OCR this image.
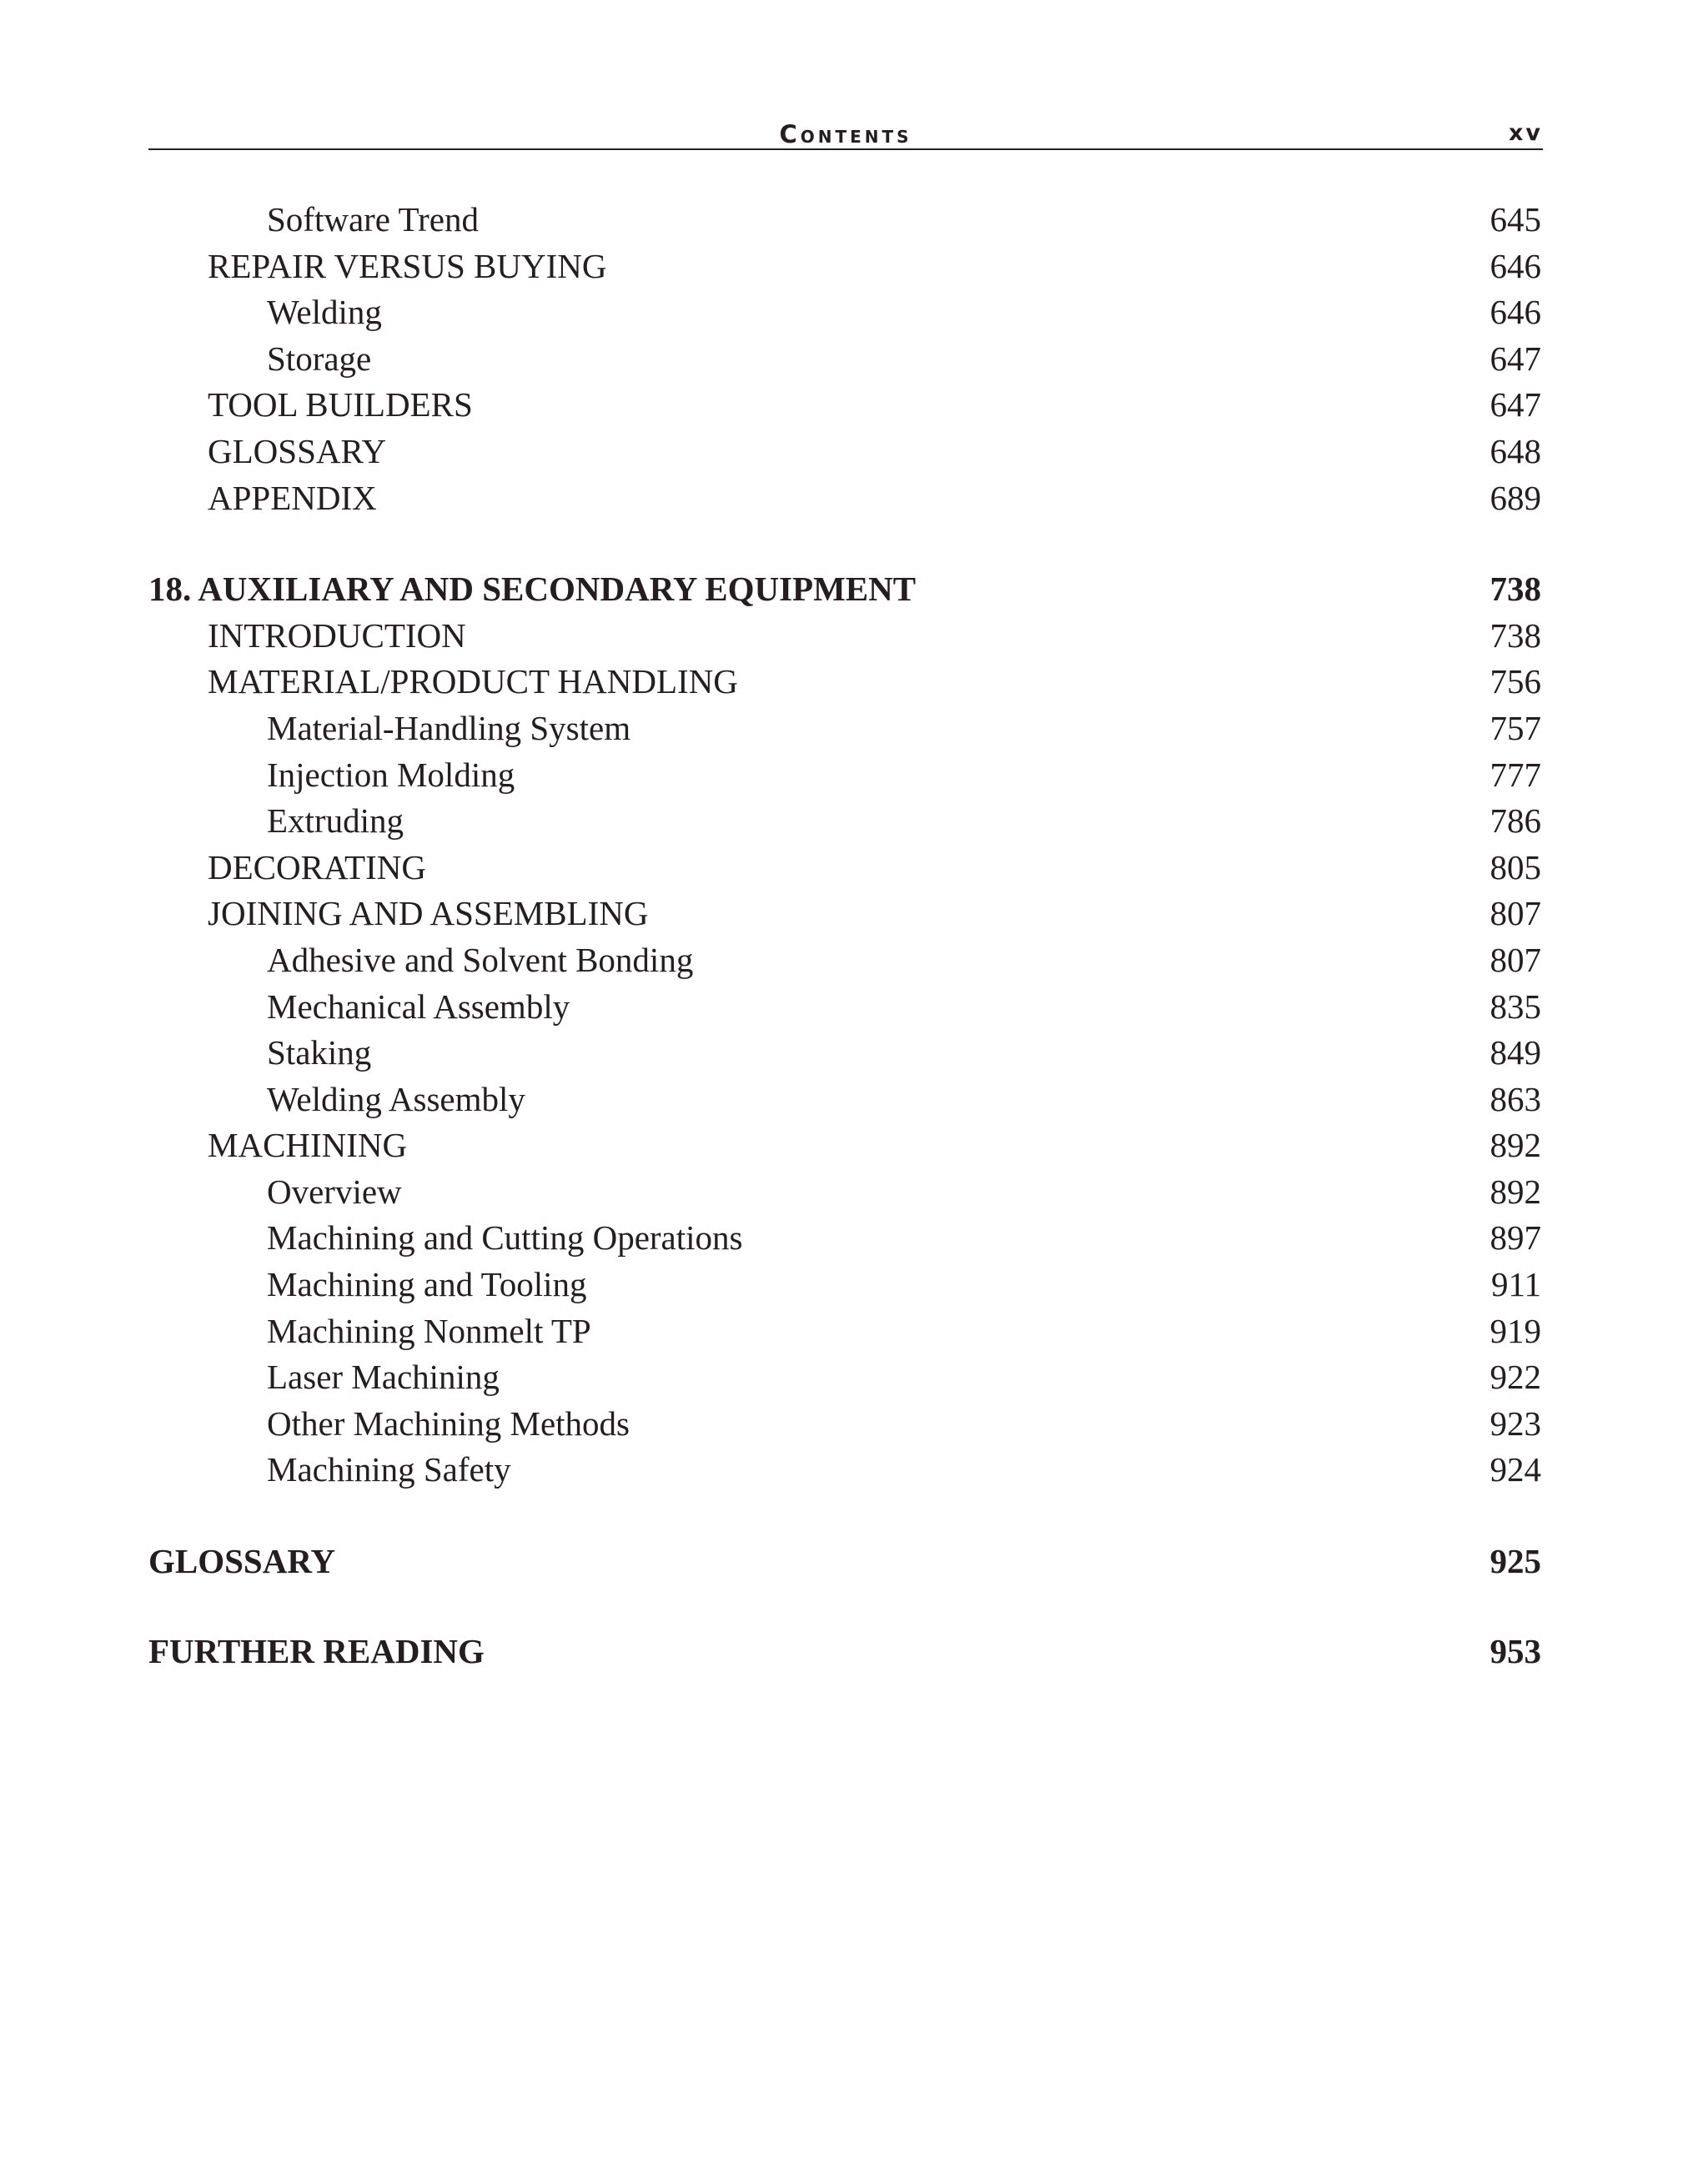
Contents	xv
Software Trend	645
REPAIR VERSUS BUYING	646
Welding	646
Storage	647
TOOL BUILDERS	647
GLOSSARY	648
APPENDIX	689
18. AUXILIARY AND SECONDARY EQUIPMENT	738
INTRODUCTION	738
MATERIAL/PRODUCT HANDLING	756
Material-Handling System	757
Injection Molding	777
Extruding	786
DECORATING	805
JOINING AND ASSEMBLING	807
Adhesive and Solvent Bonding	807
Mechanical Assembly	835
Staking	849
Welding Assembly	863
MACHINING	892
Overview	892
Machining and Cutting Operations	897
Machining and Tooling	911
Machining Nonmelt TP	919
Laser Machining	922
Other Machining Methods	923
Machining Safety	924
GLOSSARY	925
FURTHER READING	953
